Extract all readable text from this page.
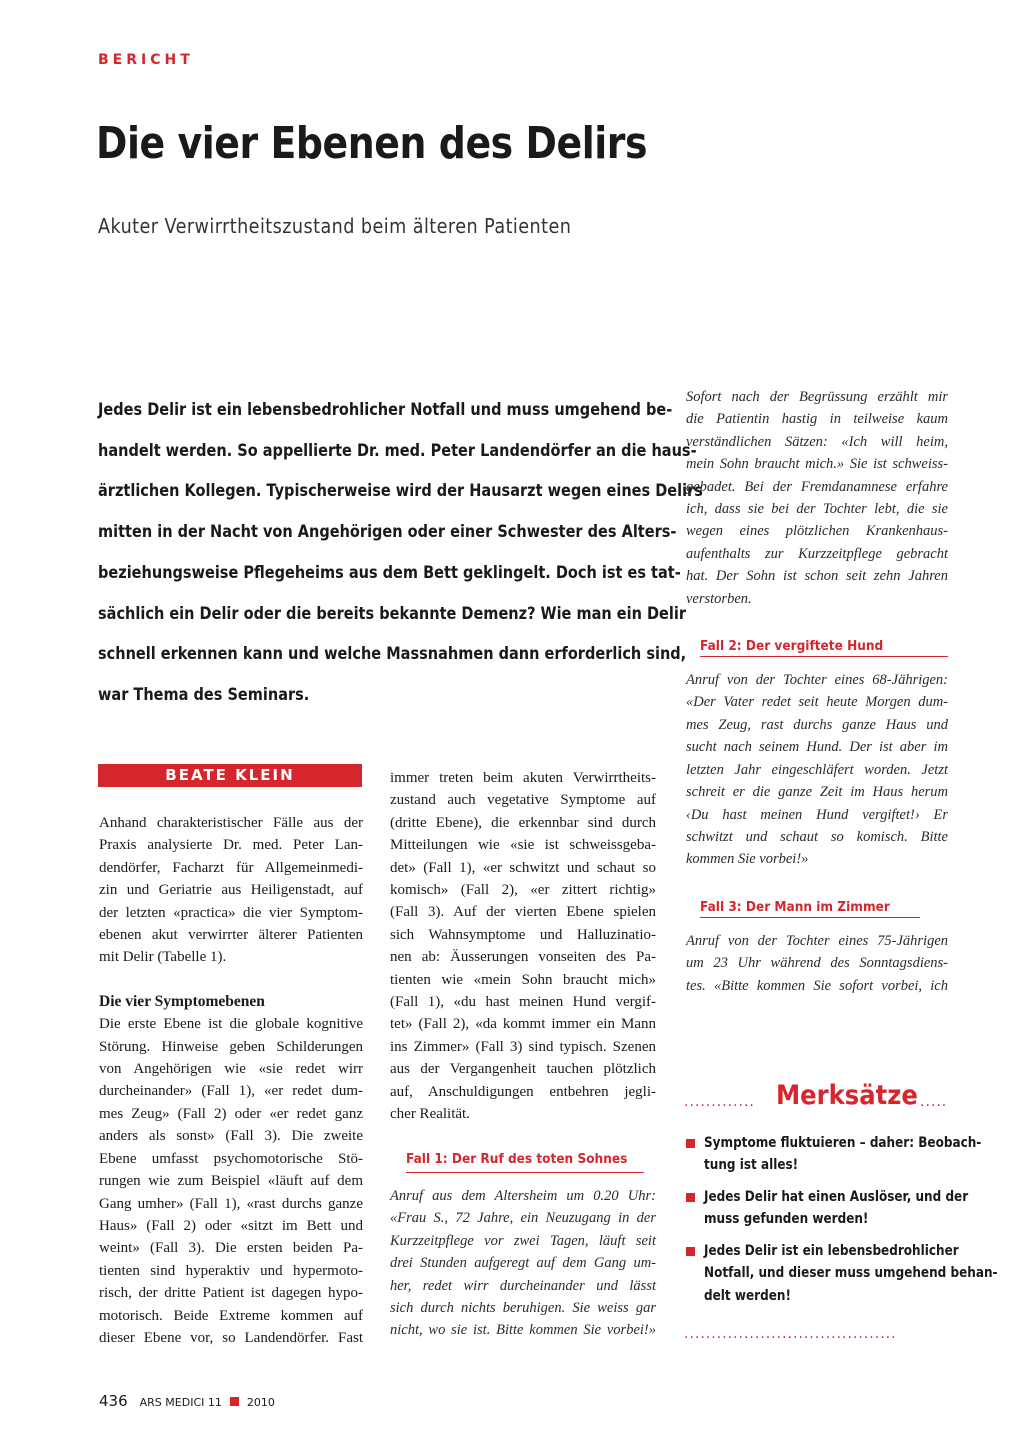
BERICHT
Die vier Ebenen des Delirs
Akuter Verwirrtheitszustand beim älteren Patienten
Jedes Delir ist ein lebensbedrohlicher Notfall und muss umgehend be-
handelt werden. So appellierte Dr. med. Peter Landendörfer an die haus-
ärztlichen Kollegen. Typischerweise wird der Hausarzt wegen eines Delirs
mitten in der Nacht von Angehörigen oder einer Schwester des Alters-
beziehungsweise Pflegeheims aus dem Bett geklingelt. Doch ist es tat-
sächlich ein Delir oder die bereits bekannte Demenz? Wie man ein Delir
schnell erkennen kann und welche Massnahmen dann erforderlich sind,
war Thema des Seminars.
BEATE KLEIN
Anhand charakteristischer Fälle aus der
Praxis analysierte Dr. med. Peter Lan-
dendörfer, Facharzt für Allgemeinmedi-
zin und Geriatrie aus Heiligenstadt, auf
der letzten «practica» die vier Symptom-
ebenen akut verwirrter älterer Patienten
mit Delir (Tabelle 1).
Die vier Symptomebenen
Die erste Ebene ist die globale kognitive
Störung. Hinweise geben Schilderungen
von Angehörigen wie «sie redet wirr
durcheinander» (Fall 1), «er redet dum-
mes Zeug» (Fall 2) oder «er redet ganz
anders als sonst» (Fall 3). Die zweite
Ebene umfasst psychomotorische Stö-
rungen wie zum Beispiel «läuft auf dem
Gang umher» (Fall 1), «rast durchs ganze
Haus» (Fall 2) oder «sitzt im Bett und
weint» (Fall 3). Die ersten beiden Pa-
tienten sind hyperaktiv und hypermoto-
risch, der dritte Patient ist dagegen hypo-
motorisch. Beide Extreme kommen auf
dieser Ebene vor, so Landendörfer. Fast
immer treten beim akuten Verwirrtheits-
zustand auch vegetative Symptome auf
(dritte Ebene), die erkennbar sind durch
Mitteilungen wie «sie ist schweissgeba-
det» (Fall 1), «er schwitzt und schaut so
komisch» (Fall 2), «er zittert richtig»
(Fall 3). Auf der vierten Ebene spielen
sich Wahnsymptome und Halluzinatio-
nen ab: Äusserungen vonseiten des Pa-
tienten wie «mein Sohn braucht mich»
(Fall 1), «du hast meinen Hund vergif-
tet» (Fall 2), «da kommt immer ein Mann
ins Zimmer» (Fall 3) sind typisch. Szenen
aus der Vergangenheit tauchen plötzlich
auf, Anschuldigungen entbehren jegli-
cher Realität.
Fall 1: Der Ruf des toten Sohnes
Anruf aus dem Altersheim um 0.20 Uhr:
«Frau S., 72 Jahre, ein Neuzugang in der
Kurzzeitpflege vor zwei Tagen, läuft seit
drei Stunden aufgeregt auf dem Gang um-
her, redet wirr durcheinander und lässt
sich durch nichts beruhigen. Sie weiss gar
nicht, wo sie ist. Bitte kommen Sie vorbei!»
Sofort nach der Begrüssung erzählt mir
die Patientin hastig in teilweise kaum
verständlichen Sätzen: «Ich will heim,
mein Sohn braucht mich.» Sie ist schweiss-
gebadet. Bei der Fremdanamnese erfahre
ich, dass sie bei der Tochter lebt, die sie
wegen eines plötzlichen Krankenhaus-
aufenthalts zur Kurzzeitpflege gebracht
hat. Der Sohn ist schon seit zehn Jahren
verstorben.
Fall 2: Der vergiftete Hund
Anruf von der Tochter eines 68-Jährigen:
«Der Vater redet seit heute Morgen dum-
mes Zeug, rast durchs ganze Haus und
sucht nach seinem Hund. Der ist aber im
letzten Jahr eingeschläfert worden. Jetzt
schreit er die ganze Zeit im Haus herum
‹Du hast meinen Hund vergiftet!› Er
schwitzt und schaut so komisch. Bitte
kommen Sie vorbei!»
Fall 3: Der Mann im Zimmer
Anruf von der Tochter eines 75-Jährigen
um 23 Uhr während des Sonntagsdiens-
tes. «Bitte kommen Sie sofort vorbei, ich
............. Merksätze .....
Symptome fluktuieren – daher: Beobach-
tung ist alles!
Jedes Delir hat einen Auslöser, und der
muss gefunden werden!
Jedes Delir ist ein lebensbedrohlicher
Notfall, und dieser muss umgehend behan-
delt werden!
.......................................
436 ARS MEDICI 11 2010
